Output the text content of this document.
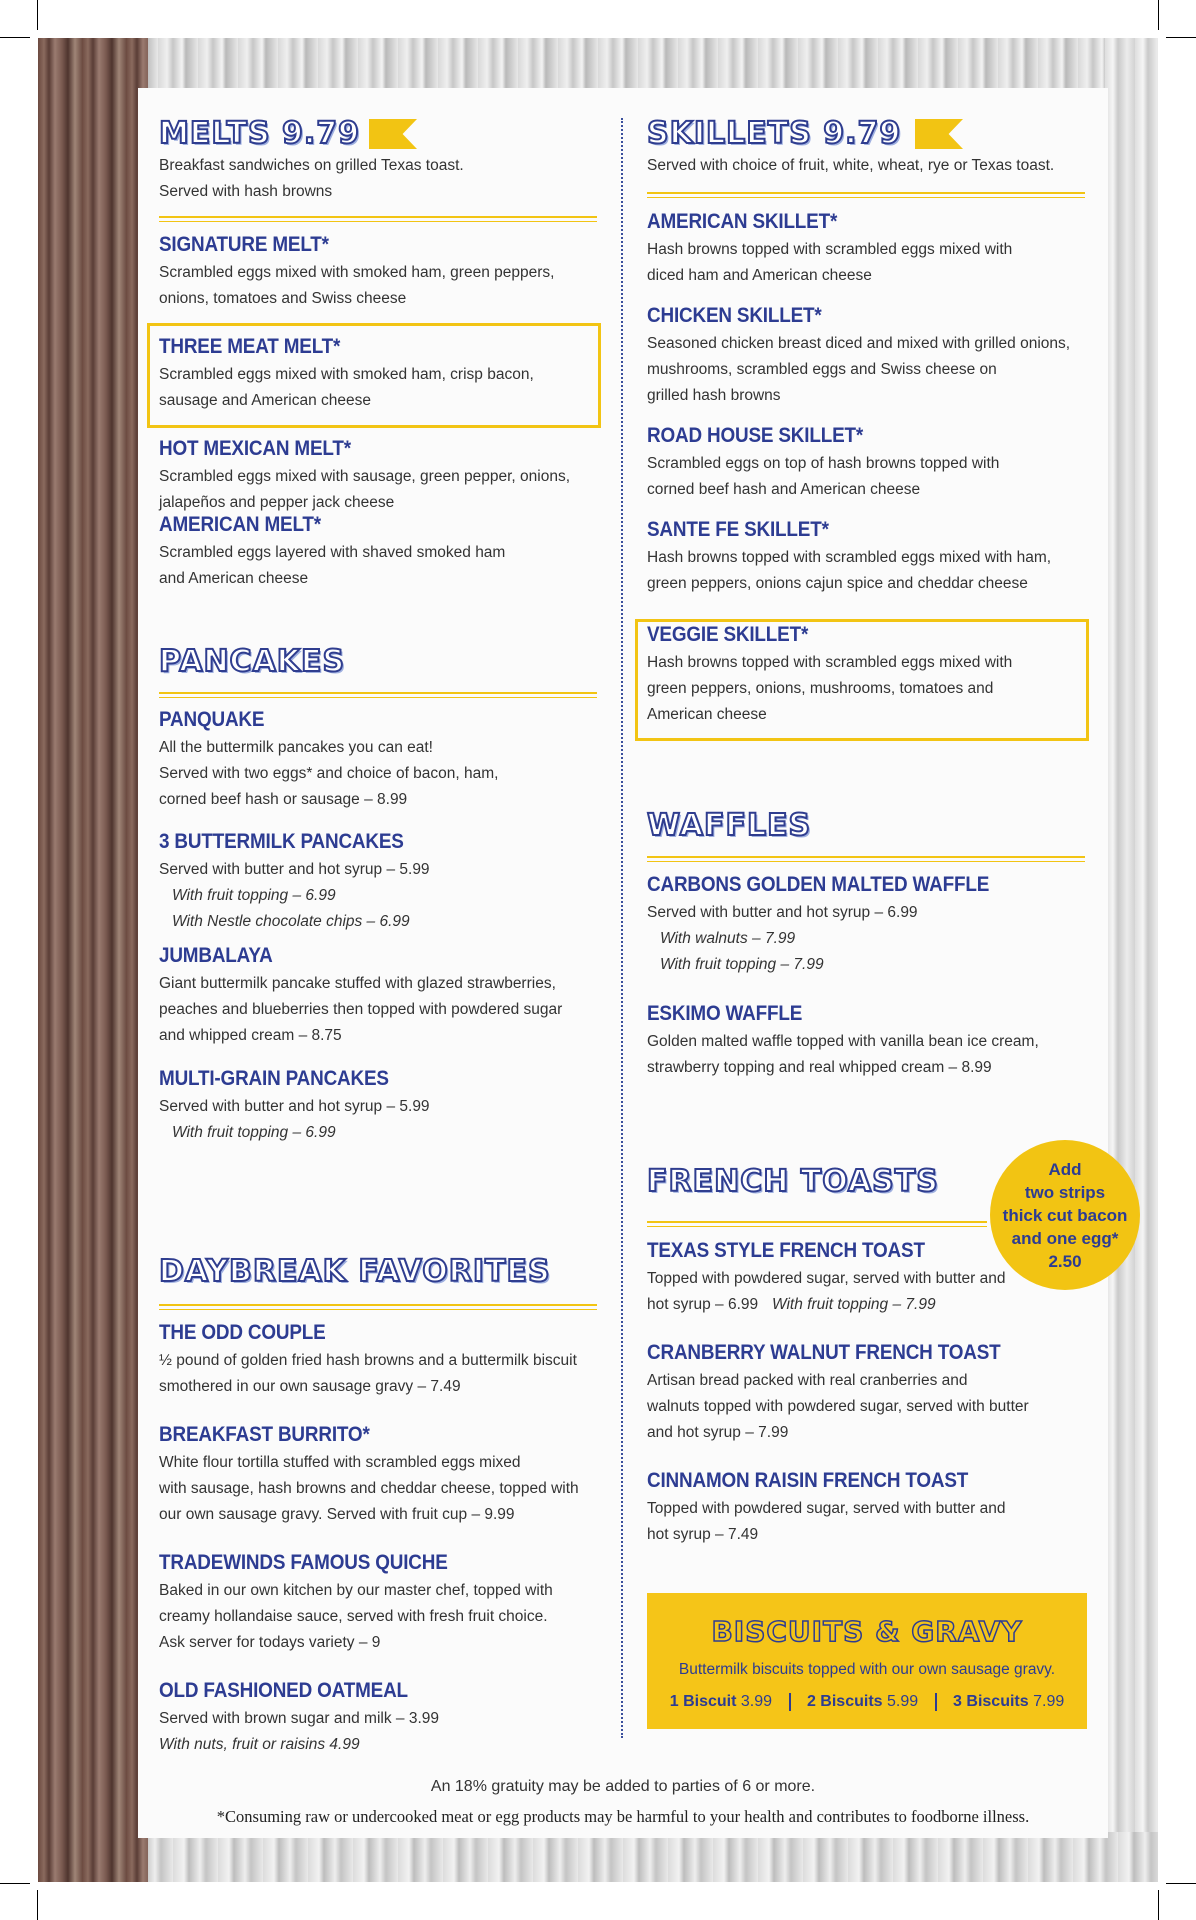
MELTS 9.79
Breakfast sandwiches on grilled Texas toast.
Served with hash browns
SIGNATURE MELT*
Scrambled eggs mixed with smoked ham, green peppers,
onions, tomatoes and Swiss cheese
THREE MEAT MELT*
Scrambled eggs mixed with smoked ham, crisp bacon,
sausage and American cheese
HOT MEXICAN MELT*
Scrambled eggs mixed with sausage, green pepper, onions,
jalapeños and pepper jack cheese
AMERICAN MELT*
Scrambled eggs layered with shaved smoked ham
and American cheese
PANCAKES
PANQUAKE
All the buttermilk pancakes you can eat!
Served with two eggs* and choice of bacon, ham,
corned beef hash or sausage – 8.99
3 BUTTERMILK PANCAKES
Served with butter and hot syrup – 5.99
With fruit topping – 6.99
With Nestle chocolate chips – 6.99
JUMBALAYA
Giant buttermilk pancake stuffed with glazed strawberries,
peaches and blueberries then topped with powdered sugar
and whipped cream – 8.75
MULTI-GRAIN PANCAKES
Served with butter and hot syrup – 5.99
With fruit topping – 6.99
DAYBREAK FAVORITES
THE ODD COUPLE
½ pound of golden fried hash browns and a buttermilk biscuit
smothered in our own sausage gravy – 7.49
BREAKFAST BURRITO*
White flour tortilla stuffed with scrambled eggs mixed
with sausage, hash browns and cheddar cheese, topped with
our own sausage gravy. Served with fruit cup – 9.99
TRADEWINDS FAMOUS QUICHE
Baked in our own kitchen by our master chef, topped with
creamy hollandaise sauce, served with fresh fruit choice.
Ask server for todays variety – 9
OLD FASHIONED OATMEAL
Served with brown sugar and milk – 3.99
With nuts, fruit or raisins 4.99
SKILLETS 9.79
Served with choice of fruit, white, wheat, rye or Texas toast.
AMERICAN SKILLET*
Hash browns topped with scrambled eggs mixed with
diced ham and American cheese
CHICKEN SKILLET*
Seasoned chicken breast diced and mixed with grilled onions,
mushrooms, scrambled eggs and Swiss cheese on
grilled hash browns
ROAD HOUSE SKILLET*
Scrambled eggs on top of hash browns topped with
corned beef hash and American cheese
SANTE FE SKILLET*
Hash browns topped with scrambled eggs mixed with ham,
green peppers, onions cajun spice and cheddar cheese
VEGGIE SKILLET*
Hash browns topped with scrambled eggs mixed with
green peppers, onions, mushrooms, tomatoes and
American cheese
WAFFLES
CARBONS GOLDEN MALTED WAFFLE
Served with butter and hot syrup – 6.99
With walnuts – 7.99
With fruit topping – 7.99
ESKIMO WAFFLE
Golden malted waffle topped with vanilla bean ice cream,
strawberry topping and real whipped cream – 8.99
FRENCH TOASTS
TEXAS STYLE FRENCH TOAST
Topped with powdered sugar, served with butter and
hot syrup – 6.99 With fruit topping – 7.99
CRANBERRY WALNUT FRENCH TOAST
Artisan bread packed with real cranberries and
walnuts topped with powdered sugar, served with butter
and hot syrup – 7.99
CINNAMON RAISIN FRENCH TOAST
Topped with powdered sugar, served with butter and
hot syrup – 7.49
Add
two strips
thick cut bacon
and one egg*
2.50
BISCUITS & GRAVY
Buttermilk biscuits topped with our own sausage gravy.
1 Biscuit 3.99 2 Biscuits 5.99 3 Biscuits 7.99
An 18% gratuity may be added to parties of 6 or more.
*Consuming raw or undercooked meat or egg products may be harmful to your health and contributes to foodborne illness.
